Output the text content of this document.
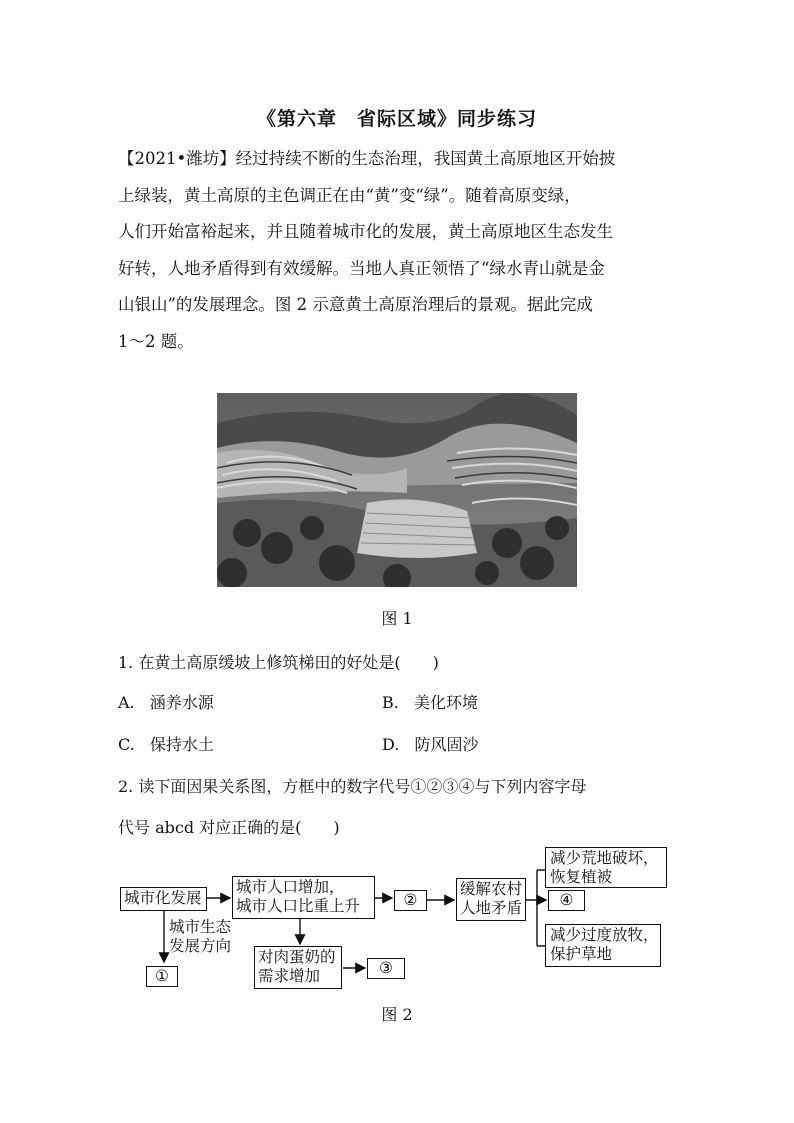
《第六章　省际区域》同步练习
【2021•潍坊】经过持续不断的生态治理，我国黄土高原地区开始披
上绿装，黄土高原的主色调正在由“黄”变“绿”。随着高原变绿，
人们开始富裕起来，并且随着城市化的发展，黄土高原地区生态发生
好转，人地矛盾得到有效缓解。当地人真正领悟了“绿水青山就是金
山银山”的发展理念。图 2 示意黄土高原治理后的景观。据此完成
1～2 题。
图 1
1. 在黄土高原缓坡上修筑梯田的好处是(　　)
A. 涵养水源	B. 美化环境
C. 保持水土	D. 防风固沙
2. 读下面因果关系图，方框中的数字代号①②③④与下列内容字母
代号 abcd 对应正确的是(　　)
城市化发展
城市人口增加，
城市人口比重上升	②
缓解农村
人地矛盾	④
减少荒地破坏，
恢复植被
减少过度放牧，
保护草地
城市生态
发展方向
①
对肉蛋奶的
需求增加	③
图 2
